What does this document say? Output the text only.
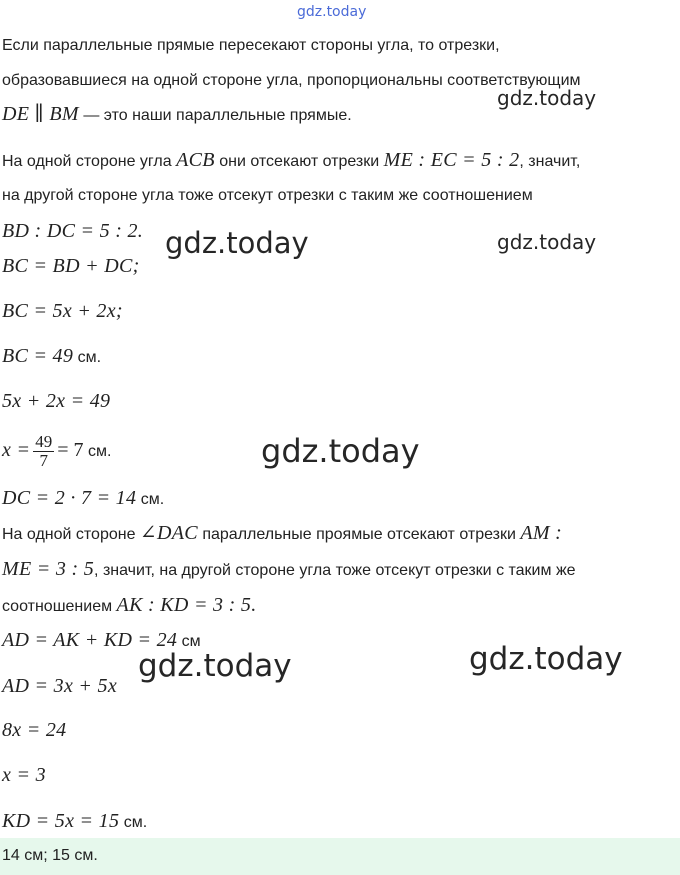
gdz.today
gdz.today
gdz.today	gdz.today
gdz.today
gdz.today	gdz.today
Если параллельные прямые пересекают стороны угла, то отрезки,
образовавшиеся на одной стороне угла, пропорциональны соответствующим
DE ∥ BM — это наши параллельные прямые.
На одной стороне угла ACB они отсекают отрезки ME : EC = 5 : 2, значит,
на другой стороне угла тоже отсекут отрезки с таким же соотношением
BD : DC = 5 : 2.
BC = BD + DC;
BC = 5x + 2x;
BC = 49 см.
5x + 2x = 49
$x = \frac{49}{7} = 7$ см.
DC = 2 · 7 = 14 см.
На одной стороне ∠DAC параллельные проямые отсекают отрезки AM :
ME = 3 : 5, значит, на другой стороне угла тоже отсекут отрезки с таким же
соотношением AK : KD = 3 : 5.
AD = AK + KD = 24 см
AD = 3x + 5x
8x = 24
x = 3
KD = 5x = 15 см.
14 см; 15 см.
